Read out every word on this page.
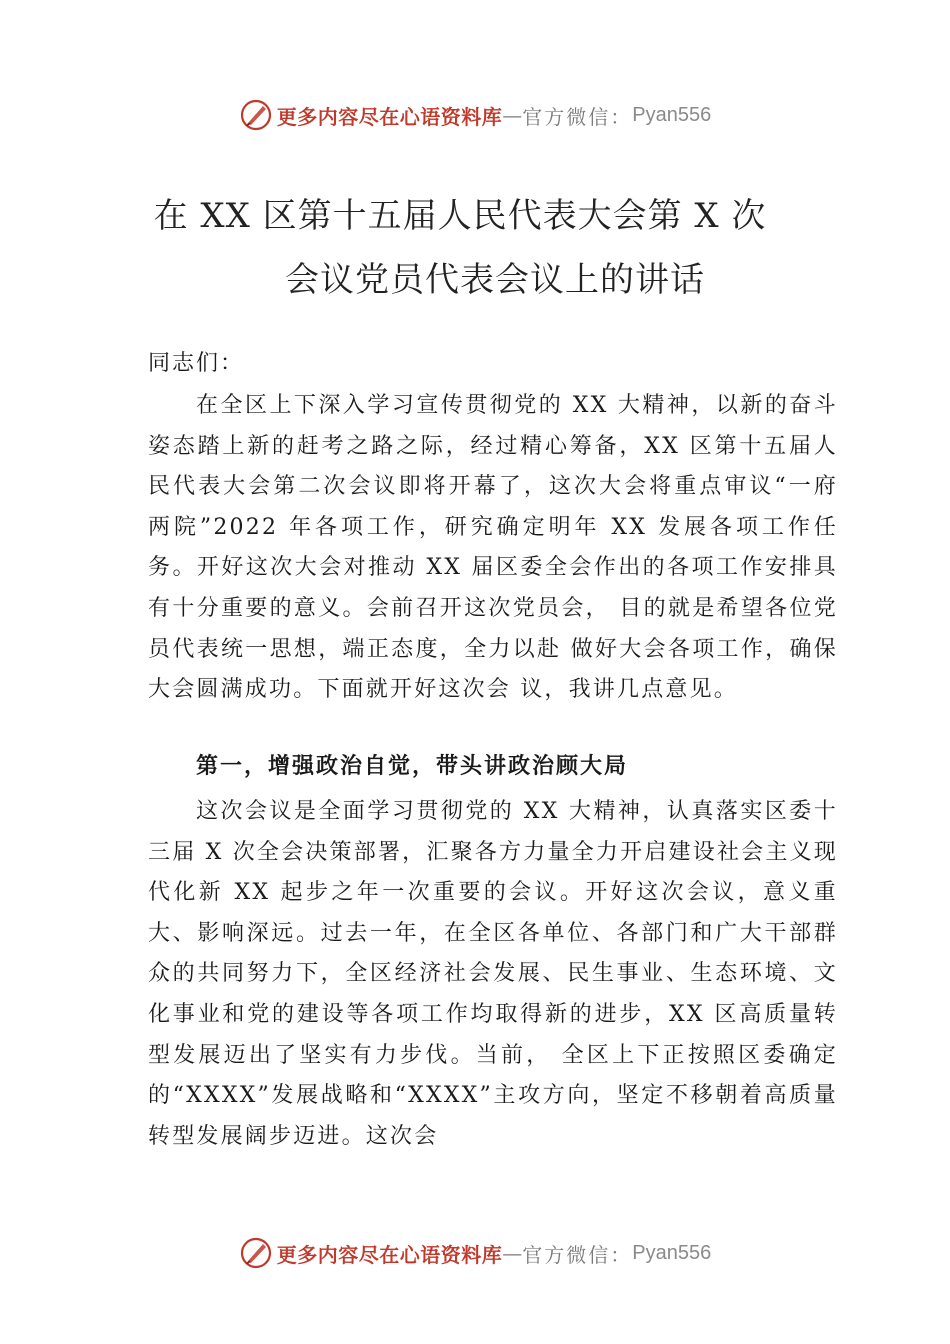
更多内容尽在心语资料库 — 官方微信： Pyan556
在 XX 区第十五届人民代表大会第 X 次
会议党员代表会议上的讲话
同志们：
在全区上下深入学习宣传贯彻党的 XX 大精神，以新的奋斗姿态踏上新的赶考之路之际，经过精心筹备，XX 区第十五届人民代表大会第二次会议即将开幕了，这次大会将重点审议“一府两院”2022 年各项工作，研究确定明年 XX 发展各项工作任务。开好这次大会对推动 XX 届区委全会作出的各项工作安排具有十分重要的意义。会前召开这次党员会， 目的就是希望各位党员代表统一思想，端正态度，全力以赴 做好大会各项工作，确保大会圆满成功。下面就开好这次会 议，我讲几点意见。
第一，增强政治自觉，带头讲政治顾大局
这次会议是全面学习贯彻党的 XX 大精神，认真落实区委十三届 X 次全会决策部署，汇聚各方力量全力开启建设社会主义现代化新 XX 起步之年一次重要的会议。开好这次会议，意义重大、影响深远。过去一年，在全区各单位、各部门和广大干部群众的共同努力下，全区经济社会发展、民生事业、生态环境、文化事业和党的建设等各项工作均取得新的进步，XX 区高质量转型发展迈出了坚实有力步伐。当前， 全区上下正按照区委确定的“XXXX”发展战略和“XXXX”主攻方向，坚定不移朝着高质量转型发展阔步迈进。这次会
更多内容尽在心语资料库 — 官方微信： Pyan556
